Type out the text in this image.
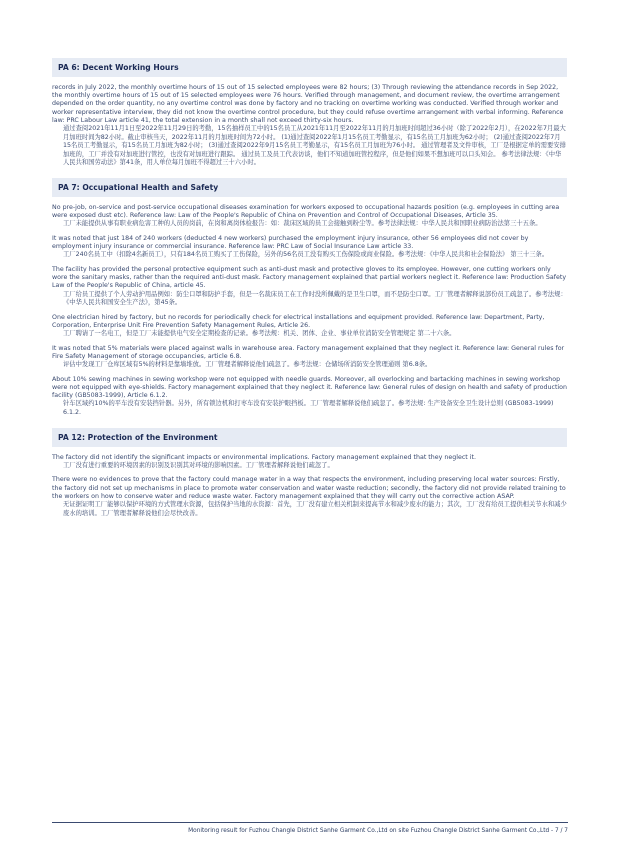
PA 6: Decent Working Hours
records in July 2022, the monthly overtime hours of 15 out of 15 selected employees were 82 hours; (3) Through reviewing the attendance records in Sep 2022, the monthly overtime hours of 15 out of 15 selected employees were 76 hours. Verified through management, and document review, the overtime arrangement depended on the order quantity, no any overtime control was done by factory and no tracking on overtime working was conducted. Verified through worker and worker representative interview, they did not know the overtime control procedure, but they could refuse overtime arrangement with verbal informing. Reference law: PRC Labour Law article 41, the total extension in a month shall not exceed thirty-six hours.
通过查阅2021年11月1日至2022年11月29日的考勤，15名抽样员工中的15名员工从2021年11月至2022年11月的月加班时间超过36小时（除了2022年2月），在2022年7月最大月加班时间为82小时。截止审核当天，2022年11月的月加班时间为72小时。 (1)通过查阅2022年1月15名员工考勤显示，有15名员工月加班为62小时； (2)通过查阅2022年7月15名员工考勤显示，有15名员工月加班为82小时； (3)通过查阅2022年9月15名员工考勤显示，有15名员工月加班为76小时。 通过管理者及文件审核，工厂是根据定单的需要安排加班的，工厂并没有对加班进行管控，也没有对加班进行跟踪。 通过员工及员工代表访谈，他们不知道加班管控程序，但是他们如果不想加班可以口头知会。 参考法律法规：《中华人民共和国劳动法》第41条，用人单位每月加班不得超过三十六小时。
PA 7: Occupational Health and Safety
No pre-job, on-service and post-service occupational diseases examination for workers exposed to occupational hazards position (e.g. employees in cutting area were exposed dust etc). Reference law: Law of the People's Republic of China on Prevention and Control of Occupational Diseases, Article 35.
工厂未能提供从事有职业病危害工种的人员的岗前，在岗和离岗体检报告：如：裁床区域的员工会接触到粉尘等。参考法律法规：中华人民共和国职业病防治法第三十五条。
It was noted that just 184 of 240 workers (deducted 4 new workers) purchased the employment injury insurance, other 56 employees did not cover by employment injury insurance or commercial insurance. Reference law: PRC Law of Social Insurance Law article 33.
工厂240名员工中（扣除4名新员工），只有184名员工购买了工伤保险，另外的56名员工没有购买工伤保险或商业保险。参考法规：《中华人民共和社会保险法》 第三十三条。
The facility has provided the personal protective equipment such as anti-dust mask and protective gloves to its employee. However, one cutting workers only wore the sanitary masks, rather than the required anti-dust mask. Factory management explained that partial workers neglect it. Reference law: Production Safety Law of the People's Republic of China, article 45.
工厂给员工提供了个人劳动护用品例如：防尘口罩和防护手套，但是一名裁床员工在工作时没所佩戴的是卫生口罩，而不是防尘口罩。工厂管理者解释说部份员工疏忽了。参考法规：《中华人民共和国安全生产法》，第45条。
One electrician hired by factory, but no records for periodically check for electrical installations and equipment provided. Reference law: Department, Party, Corporation, Enterprise Unit Fire Prevention Safety Management Rules, Article 26.
工厂聘请了一名电工，但是工厂未能提供电气安全定期检查的记录。参考法规：机关、团体、企业、事业单位消防安全管理规定 第二十六条。
It was noted that 5% materials were placed against walls in warehouse area. Factory management explained that they neglect it. Reference law: General rules for Fire Safety Management of storage occupancies, article 6.8.
评估中发现工厂仓库区域有5%的材料是靠墙堆放。工厂管理者解释说他们疏忽了。参考法规：仓储场所消防安全管理通则 第6.8条。
About 10% sewing machines in sewing workshop were not equipped with needle guards. Moreover, all overlocking and bartacking machines in sewing workshop were not equipped with eye-shields. Factory management explained that they neglect it. Reference law: General rules of design on health and safety of production facility (GB5083-1999), Article 6.1.2.
针车区域约10%的平车没有安装挡针器。另外，所有锁边机和打枣车没有安装护眼挡板。工厂管理者解释说他们疏忽了。参考法规: 生产设备安全卫生设计总则 (GB5083-1999) 6.1.2.
PA 12: Protection of the Environment
The factory did not identify the significant impacts or environmental implications. Factory management explained that they neglect it.
工厂没有进行重要的环境因素的识别及识别其对环境的影响因素。工厂管理者解释说他们疏忽了。
There were no evidences to prove that the factory could manage water in a way that respects the environment, including preserving local water sources: Firstly, the factory did not set up mechanisms in place to promote water conservation and water waste reduction; secondly, the factory did not provide related training to the workers on how to conserve water and reduce waste water. Factory management explained that they will carry out the corrective action ASAP.
无证据证明工厂能够以保护环境的方式管理水资源，包括保护当地的水资源：首先，工厂没有建立相关机制来提高节水和减少废水的能力；其次，工厂没有给员工提供相关节水和减少废水的培训。工厂管理者解释说他们会尽快改善。
Monitoring result for Fuzhou Changle District Sanhe Garment Co.,Ltd on site Fuzhou Changle District Sanhe Garment Co.,Ltd - 7 / 7
